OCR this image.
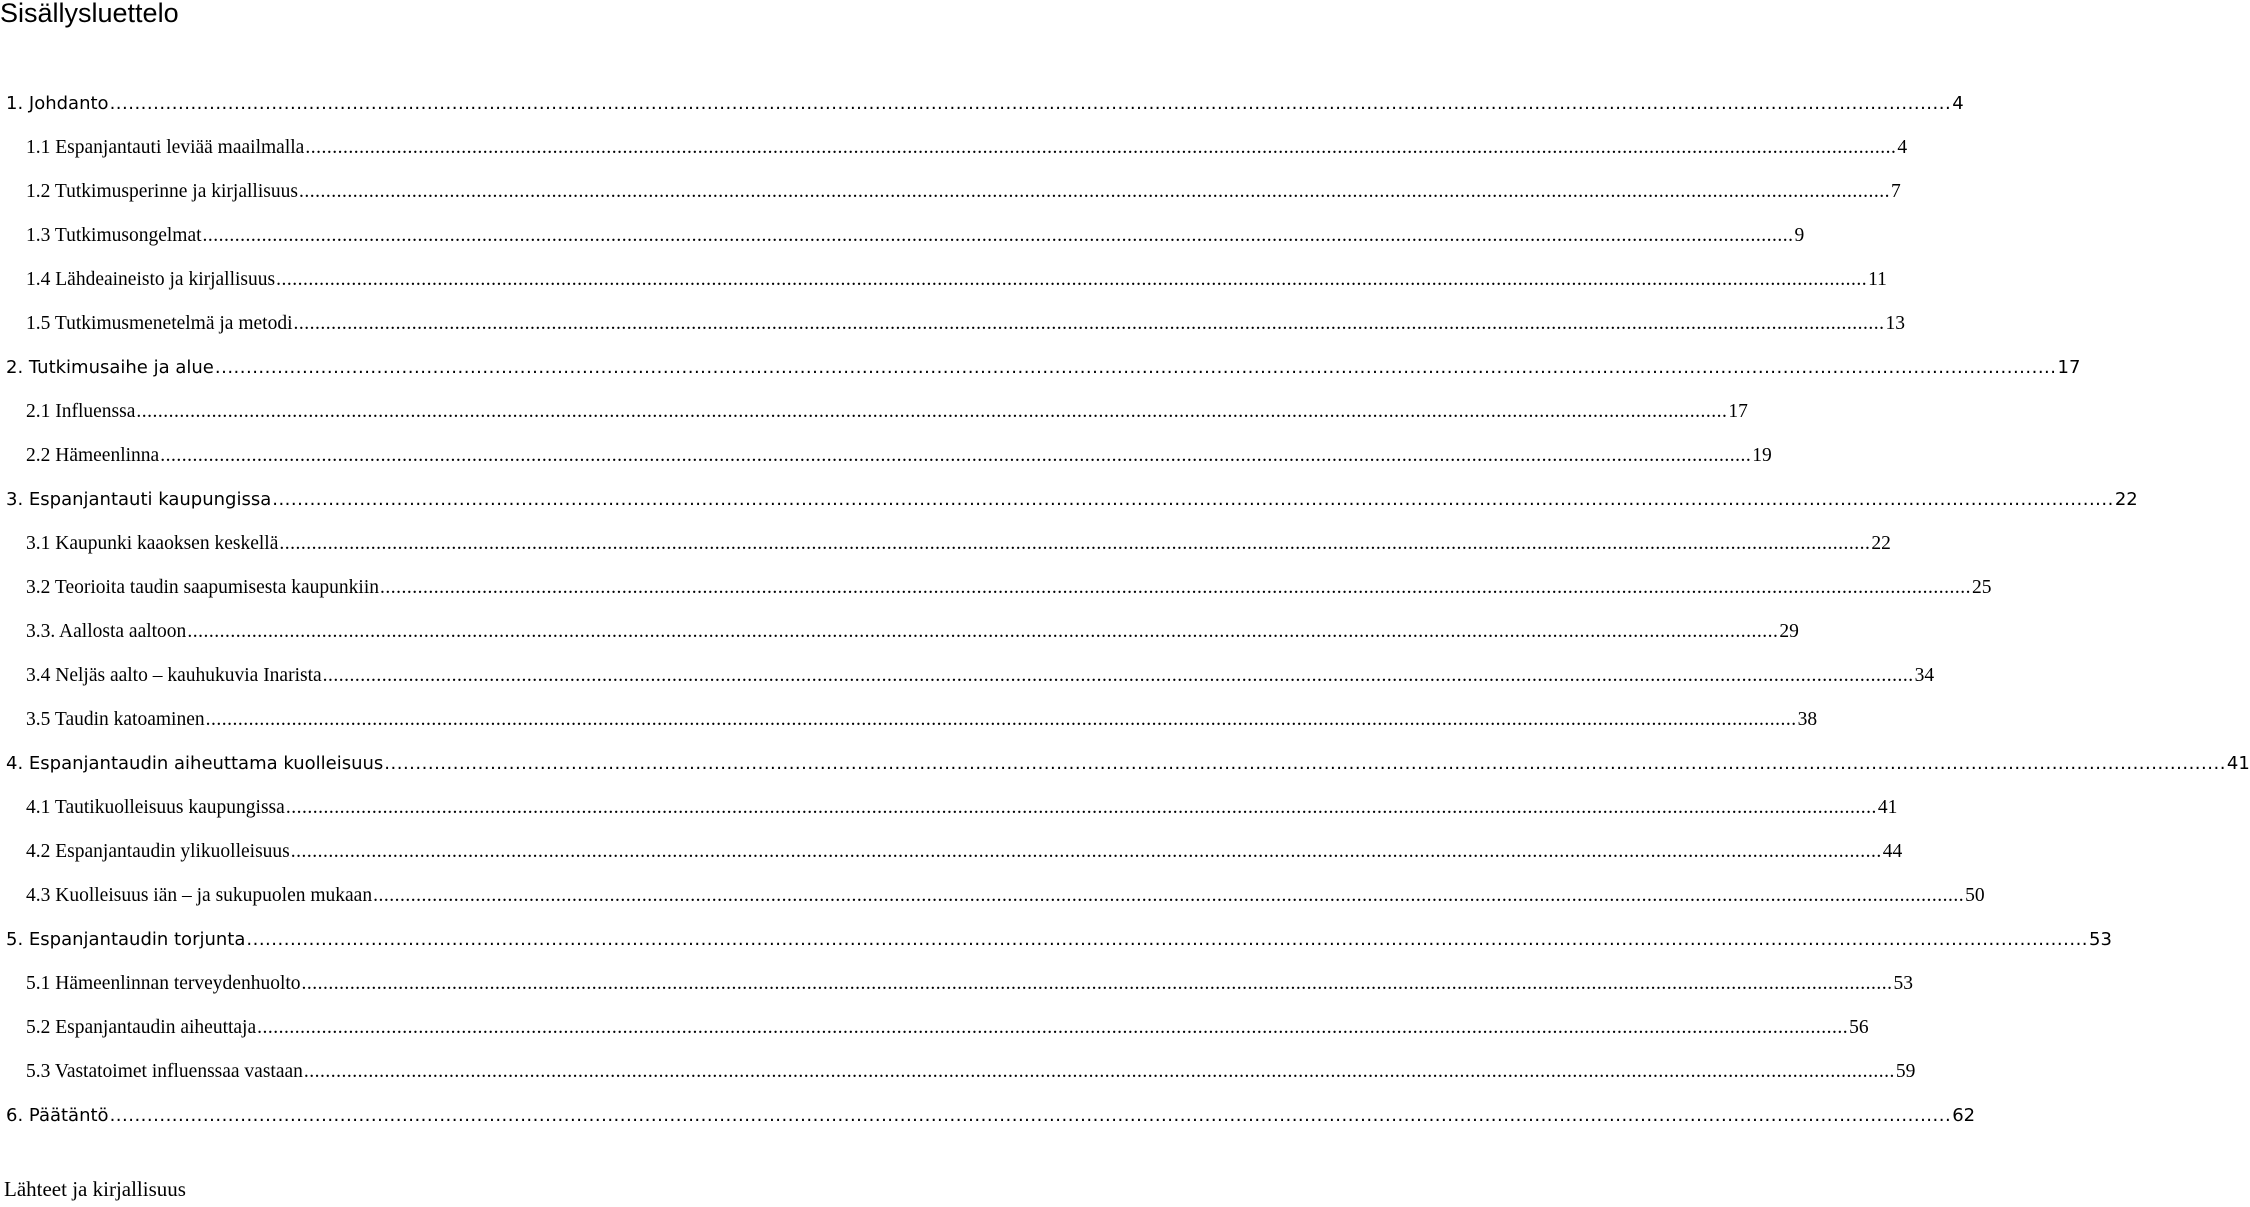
Sisällysluettelo
1. Johdanto .....	4
1.1 Espanjantauti leviää maailmalla .....	4
1.2 Tutkimusperinne ja kirjallisuus .....	7
1.3 Tutkimusongelmat .....	9
1.4 Lähdeaineisto ja kirjallisuus .....	11
1.5 Tutkimusmenetelmä ja metodi .....	13
2. Tutkimusaihe ja alue .....	17
2.1 Influenssa .....	17
2.2 Hämeenlinna .....	19
3. Espanjantauti kaupungissa .....	22
3.1 Kaupunki kaaoksen keskellä .....	22
3.2 Teorioita taudin saapumisesta kaupunkiin .....	25
3.3. Aallosta aaltoon .....	29
3.4 Neljäs aalto – kauhukuvia Inarista .....	34
3.5 Taudin katoaminen .....	38
4. Espanjantaudin aiheuttama kuolleisuus .....	41
4.1 Tautikuolleisuus kaupungissa .....	41
4.2 Espanjantaudin ylikuolleisuus .....	44
4.3 Kuolleisuus iän – ja sukupuolen mukaan .....	50
5. Espanjantaudin torjunta .....	53
5.1 Hämeenlinnan terveydenhuolto .....	53
5.2 Espanjantaudin aiheuttaja .....	56
5.3 Vastatoimet influenssaa vastaan .....	59
6. Päätäntö .....	62
Lähteet ja kirjallisuus
